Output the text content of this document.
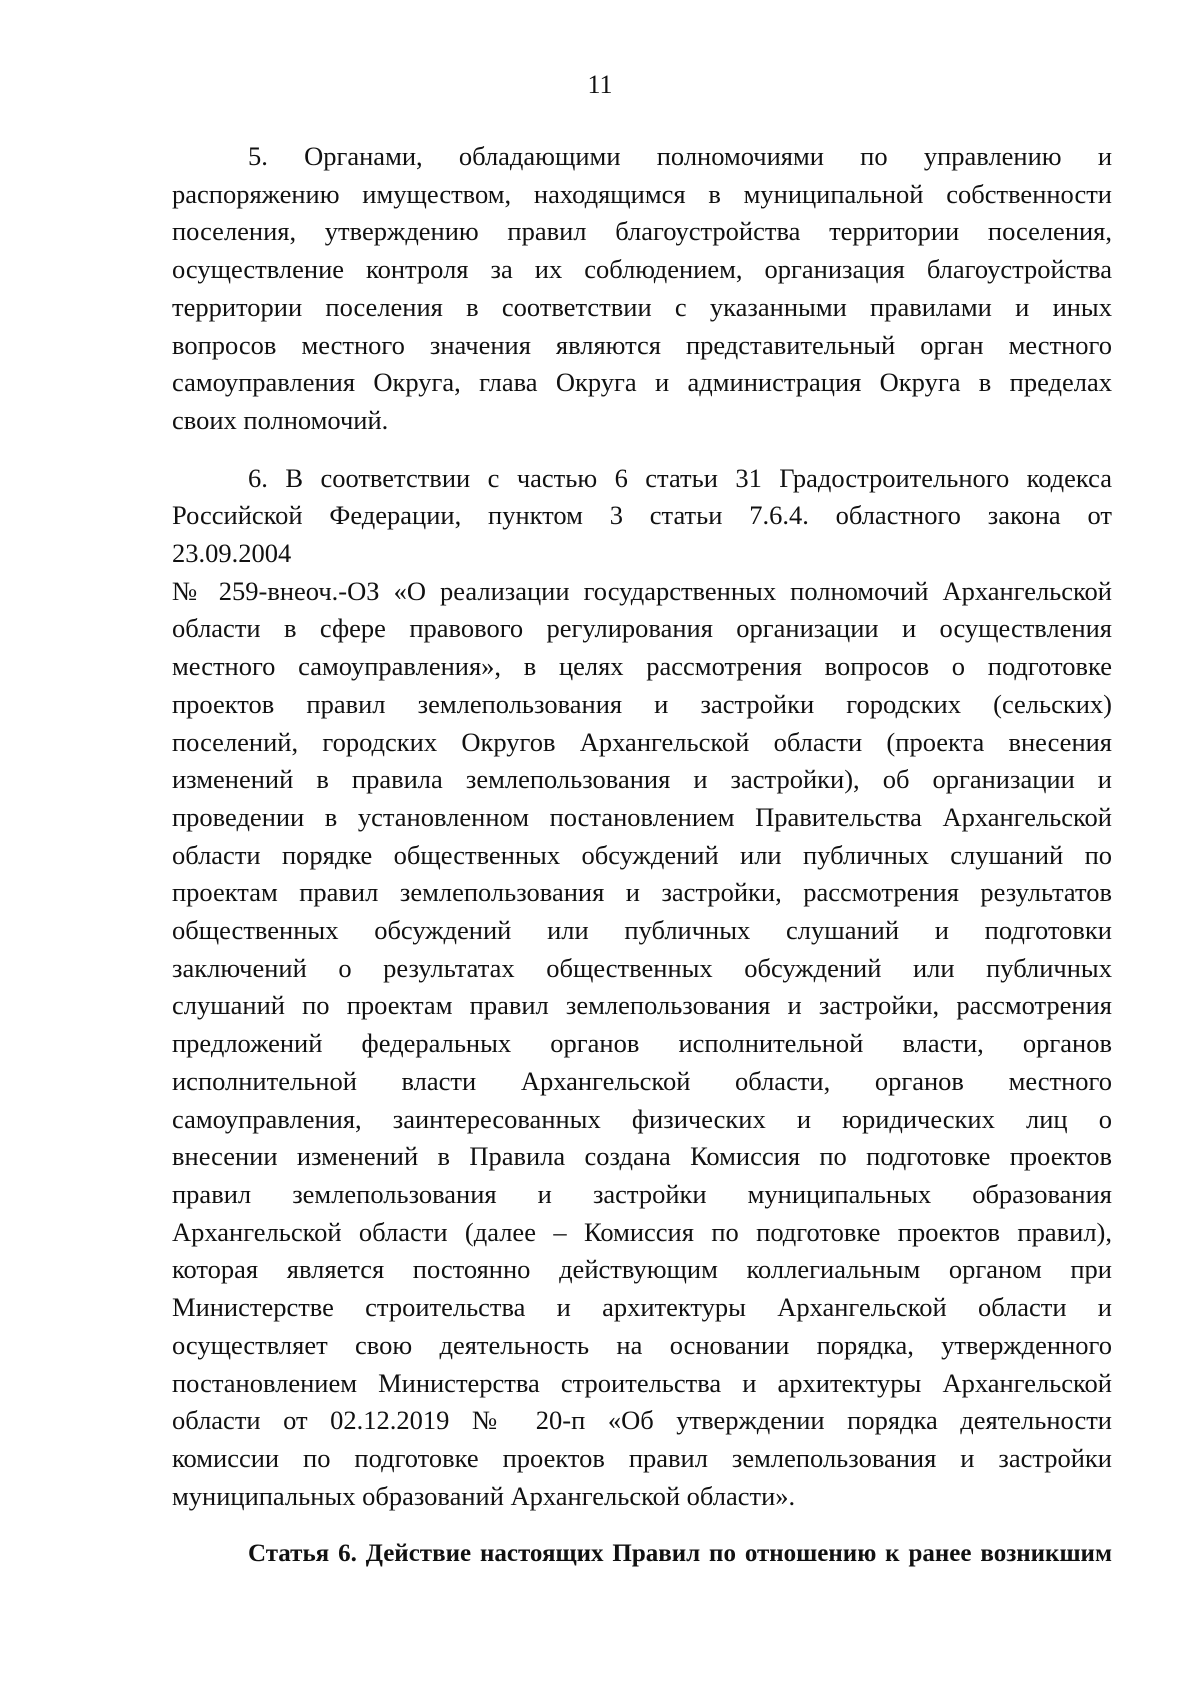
11

5. Органами, обладающими полномочиями по управлению и
распоряжению имуществом, находящимся в муниципальной собственности
поселения, утверждению правил благоустройства территории поселения,
осуществление контроля за их соблюдением, организация благоустройства
территории поселения в соответствии с указанными правилами и иных
вопросов местного значения являются представительный орган местного
самоуправления Округа, глава Округа и администрация Округа в пределах
своих полномочий.

6. В соответствии с частью 6 статьи 31 Градостроительного кодекса
Российской Федерации, пунктом 3 статьи 7.6.4. областного закона от
23.09.2004
№ 259-внеоч.-ОЗ «О реализации государственных полномочий Архангельской
области в сфере правового регулирования организации и осуществления
местного самоуправления», в целях рассмотрения вопросов о подготовке
проектов правил землепользования и застройки городских (сельских)
поселений, городских Округов Архангельской области (проекта внесения
изменений в правила землепользования и застройки), об организации и
проведении в установленном постановлением Правительства Архангельской
области порядке общественных обсуждений или публичных слушаний по
проектам правил землепользования и застройки, рассмотрения результатов
общественных обсуждений или публичных слушаний и подготовки
заключений о результатах общественных обсуждений или публичных
слушаний по проектам правил землепользования и застройки, рассмотрения
предложений федеральных органов исполнительной власти, органов
исполнительной власти Архангельской области, органов местного
самоуправления, заинтересованных физических и юридических лиц о
внесении изменений в Правила создана Комиссия по подготовке проектов
правил землепользования и застройки муниципальных образования
Архангельской области (далее – Комиссия по подготовке проектов правил),
которая является постоянно действующим коллегиальным органом при
Министерстве строительства и архитектуры Архангельской области и
осуществляет свою деятельность на основании порядка, утвержденного
постановлением Министерства строительства и архитектуры Архангельской
области от 02.12.2019 № 20-п «Об утверждении порядка деятельности
комиссии по подготовке проектов правил землепользования и застройки
муниципальных образований Архангельской области».

Статья 6. Действие настоящих Правил по отношению к ранее возникшим
